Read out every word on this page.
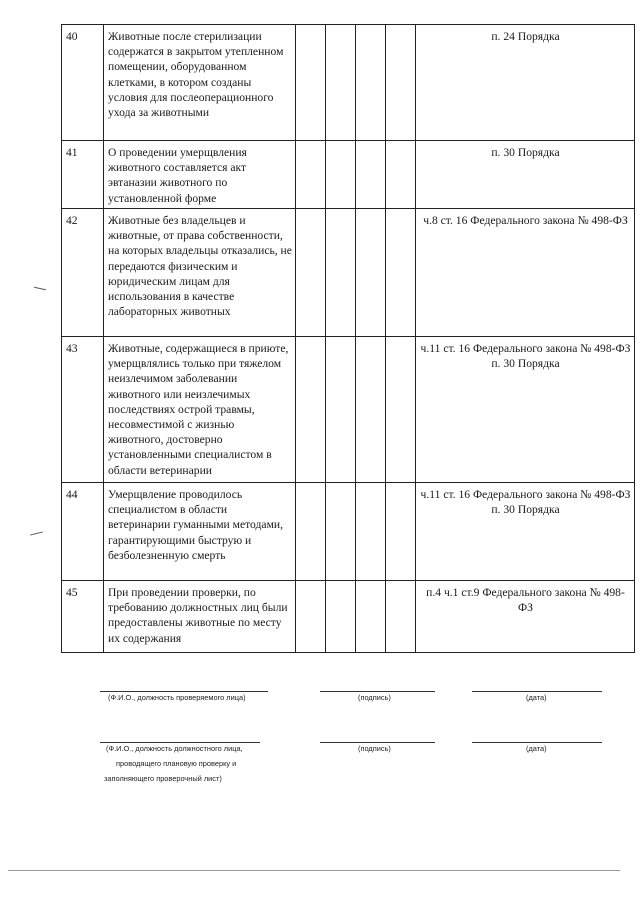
40	Животные после стерилизации содержатся в закрытом утепленном помещении, оборудованном клетками, в котором созданы условия для послеоперационного ухода за животными					п. 24 Порядка
41	О проведении умерщвления животного составляется акт эвтаназии животного по установленной форме					п. 30 Порядка
42	Животные без владельцев и животные, от права собственности, на которых владельцы отказались, не передаются физическим и юридическим лицам для использования в качестве лабораторных животных					ч.8 ст. 16 Федерального закона № 498-ФЗ
43	Животные, содержащиеся в приюте, умерщвлялись только при тяжелом неизлечимом заболевании животного или неизлечимых последствиях острой травмы, несовместимой с жизнью животного, достоверно установленными специалистом в области ветеринарии					ч.11 ст. 16 Федерального закона № 498-ФЗ п. 30 Порядка
44	Умерщвление проводилось специалистом в области ветеринарии гуманными методами, гарантирующими быструю и безболезненную смерть					ч.11 ст. 16 Федерального закона № 498-ФЗ п. 30 Порядка
45	При проведении проверки, по требованию должностных лиц были предоставлены животные по месту их содержания					п.4 ч.1 ст.9 Федерального закона № 498-ФЗ
(Ф.И.О., должность проверяемого лица)	(подпись)	(дата)
(Ф.И.О., должность должностного лица,
проводящего плановую проверку и
заполняющего проверочный лист)
(подпись)	(дата)
